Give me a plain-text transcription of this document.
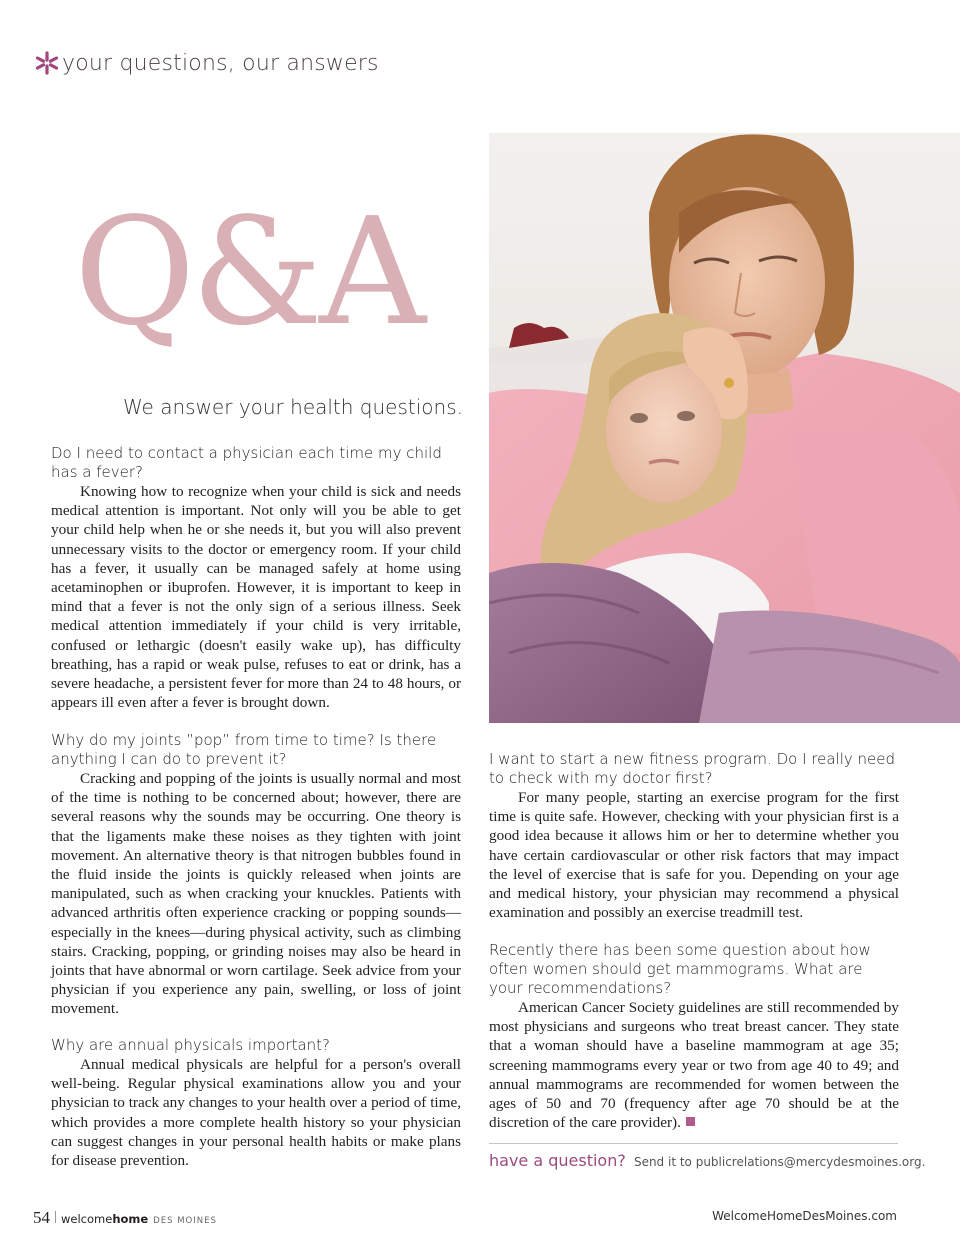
your questions, our answers
Q&A
We answer your health questions.

Do I need to contact a physician each time my child has a fever?

Knowing how to recognize when your child is sick and needs medical attention is important. Not only will you be able to get your child help when he or she needs it, but you will also prevent unnecessary visits to the doctor or emergency room. If your child has a fever, it usually can be managed safely at home using acetaminophen or ibuprofen. However, it is important to keep in mind that a fever is not the only sign of a serious illness. Seek medical attention immediately if your child is very irritable, confused or lethargic (doesn't easily wake up), has difficulty breathing, has a rapid or weak pulse, refuses to eat or drink, has a severe headache, a persistent fever for more than 24 to 48 hours, or appears ill even after a fever is brought down.

Why do my joints ”pop” from time to time? Is there anything I can do to prevent it?

Cracking and popping of the joints is usually normal and most of the time is nothing to be concerned about; however, there are several reasons why the sounds may be occurring. One theory is that the ligaments make these noises as they tighten with joint movement. An alternative theory is that nitrogen bubbles found in the fluid inside the joints is quickly released when joints are manipulated, such as when cracking your knuckles. Patients with advanced arthritis often experience cracking or popping sounds—especially in the knees—during physical activity, such as climbing stairs. Cracking, popping, or grinding noises may also be heard in joints that have abnormal or worn cartilage. Seek advice from your physician if you experience any pain, swelling, or loss of joint movement.

Why are annual physicals important?

Annual medical physicals are helpful for a person's overall well-being. Regular physical examinations allow you and your physician to track any changes to your health over a period of time, which provides a more complete health history so your physician can suggest changes in your personal health habits or make plans for disease prevention.

I want to start a new fitness program. Do I really need to check with my doctor first?

For many people, starting an exercise program for the first time is quite safe. However, checking with your physician first is a good idea because it allows him or her to determine whether you have certain cardiovascular or other risk factors that may impact the level of exercise that is safe for you. Depending on your age and medical history, your physician may recommend a physical examination and possibly an exercise treadmill test.

Recently there has been some question about how often women should get mammograms. What are your recommendations?

American Cancer Society guidelines are still recommended by most physicians and surgeons who treat breast cancer. They state that a woman should have a baseline mammogram at age 35; screening mammograms every year or two from age 40 to 49; and annual mammograms are recommended for women between the ages of 50 and 70 (frequency after age 70 should be at the discretion of the care provider).

have a question? Send it to publicrelations@mercydesmoines.org.
54 welcome home DES MOINES	WelcomeHomeDesMoines.com
